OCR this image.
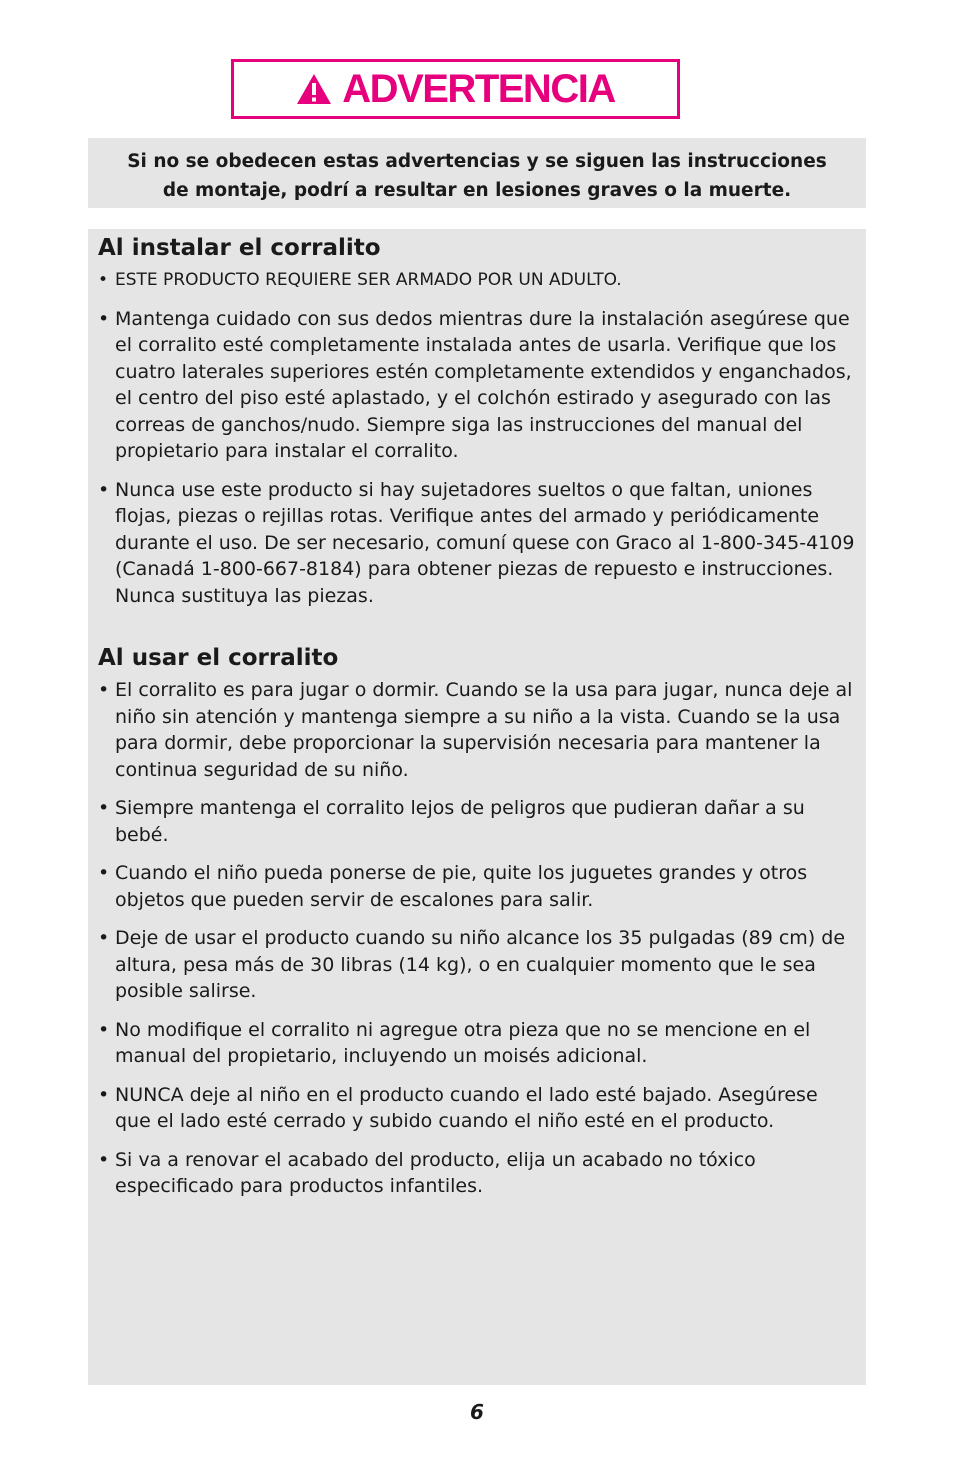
ADVERTENCIA
Si no se obedecen estas advertencias y se siguen las instrucciones
de montaje, podrí a resultar en lesiones graves o la muerte.
Al instalar el corralito
• ESTE PRODUCTO REQUIERE SER ARMADO POR UN ADULTO.
• Mantenga cuidado con sus dedos mientras dure la instalación asegúrese que el corralito esté completamente instalada antes de usarla. Verifique que los cuatro laterales superiores estén completamente extendidos y enganchados, el centro del piso esté aplastado, y el colchón estirado y asegurado con las correas de ganchos/nudo. Siempre siga las instrucciones del manual del propietario para instalar el corralito.
• Nunca use este producto si hay sujetadores sueltos o que faltan, uniones flojas, piezas o rejillas rotas. Verifique antes del armado y periódicamente durante el uso. De ser necesario, comuní quese con Graco al 1-800-345-4109 (Canadá 1-800-667-8184) para obtener piezas de repuesto e instrucciones. Nunca sustituya las piezas.
Al usar el corralito
• El corralito es para jugar o dormir. Cuando se la usa para jugar, nunca deje al niño sin atención y mantenga siempre a su niño a la vista. Cuando se la usa para dormir, debe proporcionar la supervisión necesaria para mantener la continua seguridad de su niño.
• Siempre mantenga el corralito lejos de peligros que pudieran dañar a su bebé.
• Cuando el niño pueda ponerse de pie, quite los juguetes grandes y otros objetos que pueden servir de escalones para salir.
• Deje de usar el producto cuando su niño alcance los 35 pulgadas (89 cm) de altura, pesa más de 30 libras (14 kg), o en cualquier momento que le sea posible salirse.
• No modifique el corralito ni agregue otra pieza que no se mencione en el manual del propietario, incluyendo un moisés adicional.
• NUNCA deje al niño en el producto cuando el lado esté bajado. Asegúrese que el lado esté cerrado y subido cuando el niño esté en el producto.
• Si va a renovar el acabado del producto, elija un acabado no tóxico especificado para productos infantiles.
6
